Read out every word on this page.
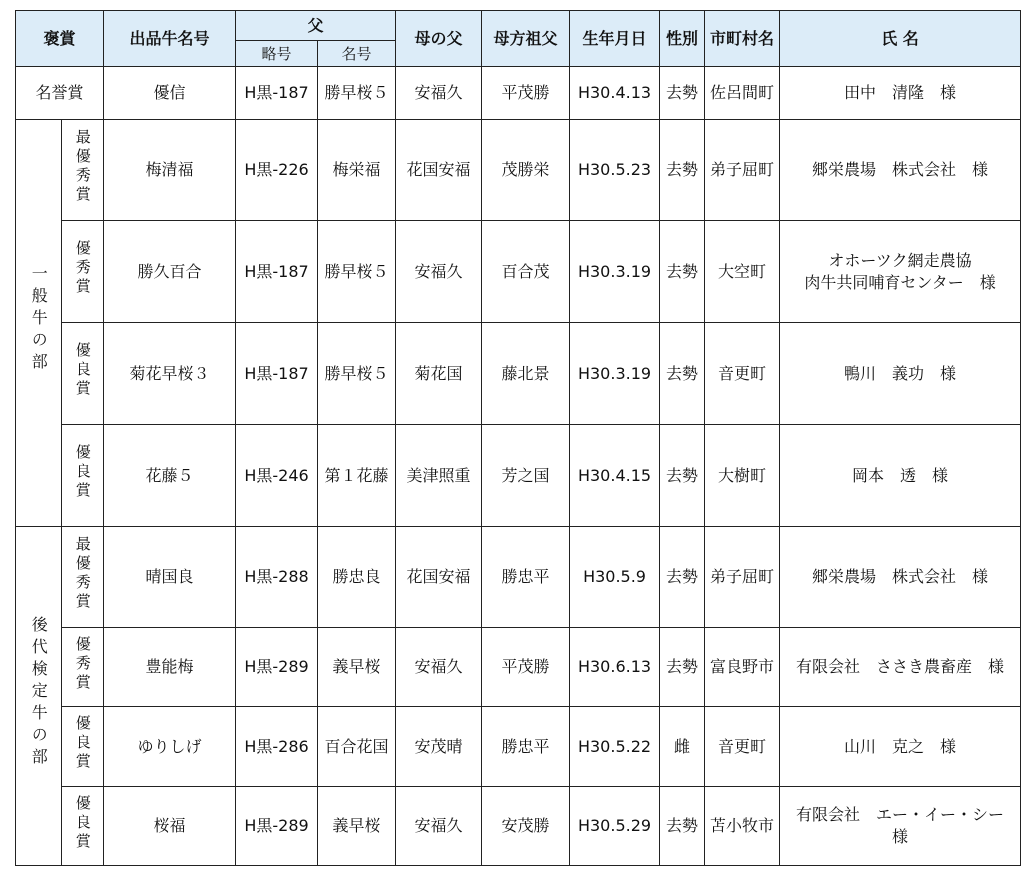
褒賞		出品牛名号	父		母の父	母方祖父	生年月日	性別	市町村名	氏 名
			略号	名号						
名誉賞		優信	H黒-187	勝早桜５	安福久	平茂勝	H30.4.13	去勢	佐呂間町	田中　清隆　様
一般牛の部	最優秀賞	梅清福	H黒-226	梅栄福	花国安福	茂勝栄	H30.5.23	去勢	弟子屈町	郷栄農場　株式会社　様
	優秀賞	勝久百合	H黒-187	勝早桜５	安福久	百合茂	H30.3.19	去勢	大空町	オホーツク網走農協
肉牛共同哺育センター　様
	優良賞	菊花早桜３	H黒-187	勝早桜５	菊花国	藤北景	H30.3.19	去勢	音更町	鴨川　義功　様
	優良賞	花藤５	H黒-246	第１花藤	美津照重	芳之国	H30.4.15	去勢	大樹町	岡本　透　様
後代検定牛の部	最優秀賞	晴国良	H黒-288	勝忠良	花国安福	勝忠平	H30.5.9	去勢	弟子屈町	郷栄農場　株式会社　様
	優秀賞	豊能梅	H黒-289	義早桜	安福久	平茂勝	H30.6.13	去勢	富良野市	有限会社　ささき農畜産　様
	優良賞	ゆりしげ	H黒-286	百合花国	安茂晴	勝忠平	H30.5.22	雌	音更町	山川　克之　様
	優良賞	桜福	H黒-289	義早桜	安福久	安茂勝	H30.5.29	去勢	苫小牧市	有限会社　エー・イー・シー
様
